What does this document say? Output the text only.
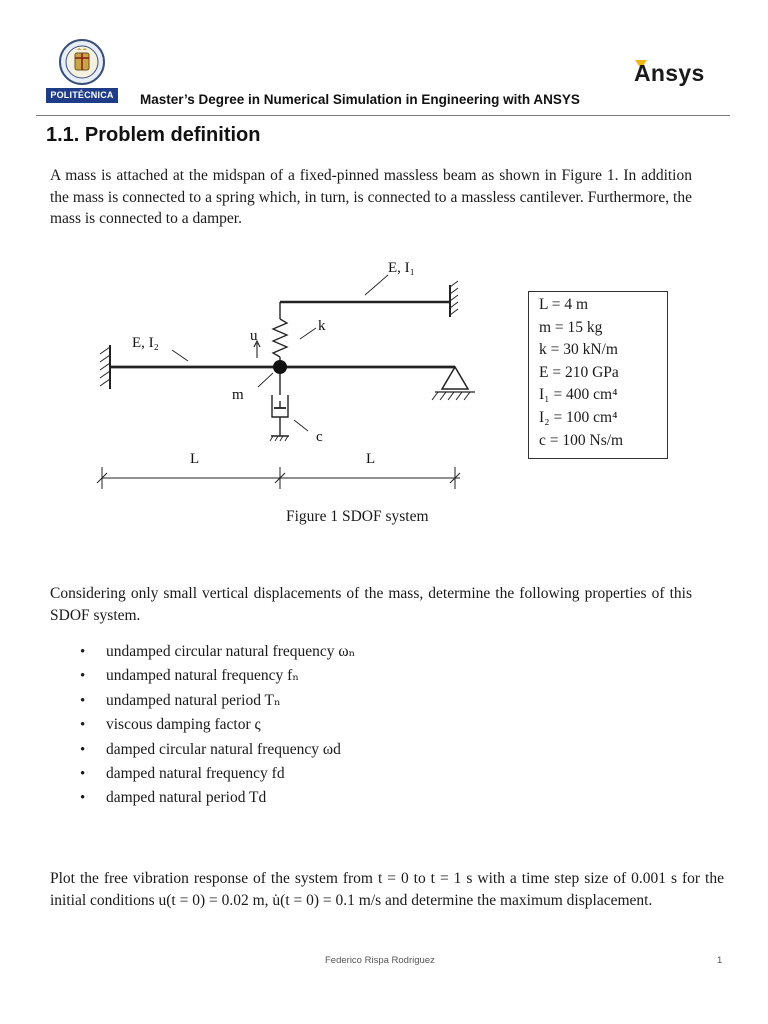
POLITÉCNICA
Ansys
Master’s Degree in Numerical Simulation in Engineering with ANSYS
1.1. Problem definition

A mass is attached at the midspan of a fixed-pinned massless beam as shown in Figure 1. In addition the mass is connected to a spring which, in turn, is connected to a massless cantilever. Furthermore, the mass is connected to a damper.

E, I₁
E, I₂	u
k
m
c
L	L
L = 4 m
m = 15 kg
k = 30 kN/m
E = 210 GPa
I₁ = 400 cm⁴
I₂ = 100 cm⁴
c = 100 Ns/m
Figure 1 SDOF system

Considering only small vertical displacements of the mass, determine the following properties of this SDOF system.

• undamped circular natural frequency ωₙ
• undamped natural frequency fₙ
• undamped natural period Tₙ
• viscous damping factor ς
• damped circular natural frequency ωd
• damped natural frequency fd
• damped natural period Td

Plot the free vibration response of the system from t = 0 to t = 1 s with a time step size of 0.001 s for the initial conditions u(t = 0) = 0.02 m, u̇(t = 0) = 0.1 m/s and determine the maximum displacement.

Federico Rispa Rodriguez	1
